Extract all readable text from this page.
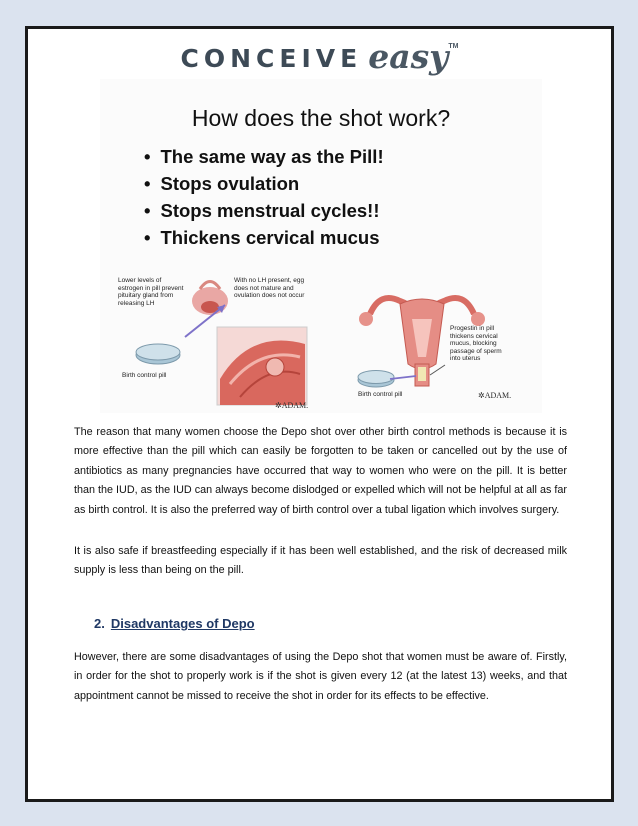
CONCEIVE easyTM
How does the shot work?
• The same way as the Pill!
• Stops ovulation
• Stops menstrual cycles!!
• Thickens cervical mucus
Lower levels of estrogen in pill prevent pituitary gland from releasing LH
With no LH present, egg does not mature and ovulation does not occur
Progestin in pill thickens cervical mucus, blocking passage of sperm into uterus
Birth control pill
Birth control pill
✲ADAM.
✲ADAM.

The reason that many women choose the Depo shot over other birth control methods is because it is more effective than the pill which can easily be forgotten to be taken or cancelled out by the use of antibiotics as many pregnancies have occurred that way to women who were on the pill. It is better than the IUD, as the IUD can always become dislodged or expelled which will not be helpful at all as far as birth control. It is also the preferred way of birth control over a tubal ligation which involves surgery.

It is also safe if breastfeeding especially if it has been well established, and the risk of decreased milk supply is less than being on the pill.

2. Disadvantages of Depo

However, there are some disadvantages of using the Depo shot that women must be aware of. Firstly, in order for the shot to properly work is if the shot is given every 12 (at the latest 13) weeks, and that appointment cannot be missed to receive the shot in order for its effects to be effective.
